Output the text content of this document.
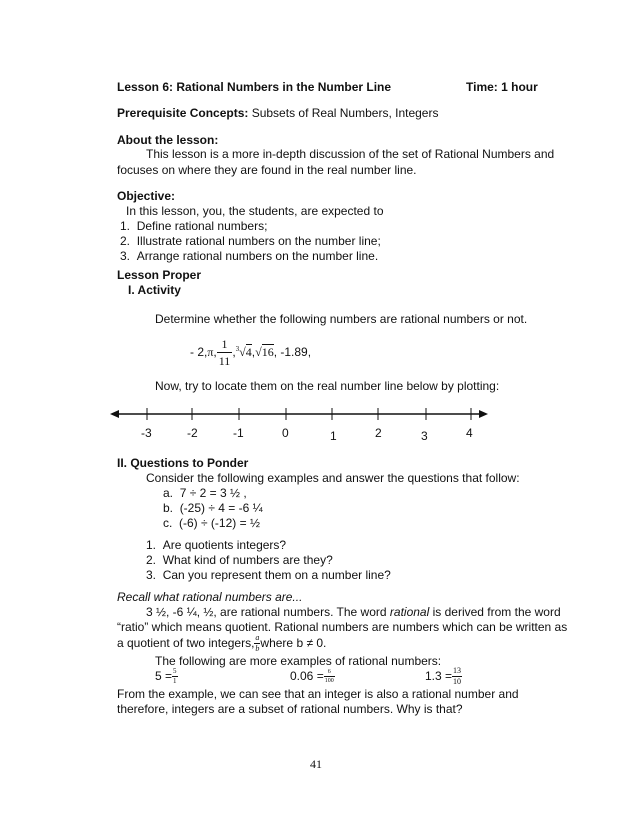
Lesson 6: Rational Numbers in the Number Line	Time: 1 hour
Prerequisite Concepts: Subsets of Real Numbers, Integers
About the lesson:
This lesson is a more in-depth discussion of the set of Rational Numbers and
focuses on where they are found in the real number line.
Objective:
In this lesson, you, the students, are expected to
1. Define rational numbers;
2. Illustrate rational numbers on the number line;
3. Arrange rational numbers on the number line.
Lesson Proper
I. Activity
Determine whether the following numbers are rational numbers or not.
- 2, π , $\frac{1}{11}$ , $^3$√4 , √16 , -1.89,
Now, try to locate them on the real number line below by plotting:
-3	-2	-1	0	1	2	3	4
II. Questions to Ponder
Consider the following examples and answer the questions that follow:
a. 7 ÷ 2 = 3 ½ ,
b. (-25) ÷ 4 = -6 ¼
c. (-6) ÷ (-12) = ½
1. Are quotients integers?
2. What kind of numbers are they?
3. Can you represent them on a number line?
Recall what rational numbers are...
3 ½, -6 ¼, ½, are rational numbers. The word rational is derived from the word
“ratio” which means quotient. Rational numbers are numbers which can be written as
a quotient of two integers, a
b where b ≠ 0.
The following are more examples of rational numbers:
5 = 5
1	0.06 = 6
100	1.3 = 13
10
From the example, we can see that an integer is also a rational number and
therefore, integers are a subset of rational numbers. Why is that?
41
